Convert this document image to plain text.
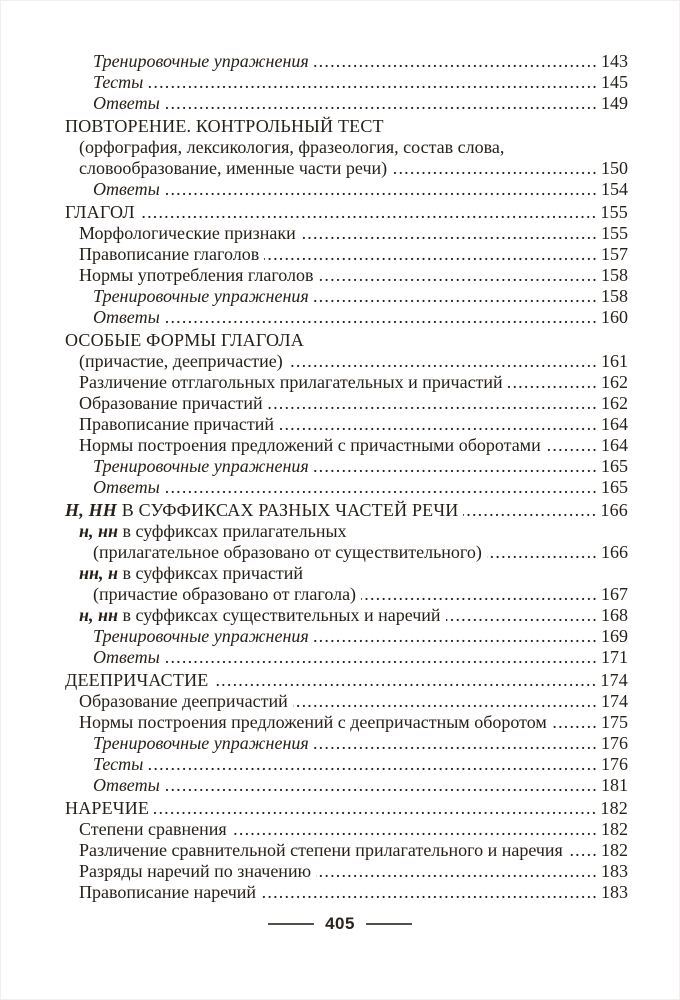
Тренировочные упражнения .....	143
Тесты .....	145
Ответы .....	149
ПОВТОРЕНИЕ. КОНТРОЛЬНЫЙ ТЕСТ
(орфография, лексикология, фразеология, состав слова,
словообразование, именные части речи) .....	150
Ответы .....	154
ГЛАГОЛ .....	155
Морфологические признаки .....	155
Правописание глаголов .....	157
Нормы употребления глаголов .....	158
Тренировочные упражнения .....	158
Ответы .....	160
ОСОБЫЕ ФОРМЫ ГЛАГОЛА
(причастие, деепричастие) .....	161
Различение отглагольных прилагательных и причастий .....	162
Образование причастий .....	162
Правописание причастий .....	164
Нормы построения предложений с причастными оборотами .....	164
Тренировочные упражнения .....	165
Ответы .....	165
Н, НН В СУФФИКСАХ РАЗНЫХ ЧАСТЕЙ РЕЧИ .....	166
н, нн в суффиксах прилагательных
(прилагательное образовано от существительного) .....	166
нн, н в суффиксах причастий
(причастие образовано от глагола) .....	167
н, нн в суффиксах существительных и наречий .....	168
Тренировочные упражнения .....	169
Ответы .....	171
ДЕЕПРИЧАСТИЕ .....	174
Образование деепричастий .....	174
Нормы построения предложений с деепричастным оборотом .....	175
Тренировочные упражнения .....	176
Тесты .....	176
Ответы .....	181
НАРЕЧИЕ .....	182
Степени сравнения .....	182
Различение сравнительной степени прилагательного и наречия ..... 182
Разряды наречий по значению .....	183
Правописание наречий .....	183
405
